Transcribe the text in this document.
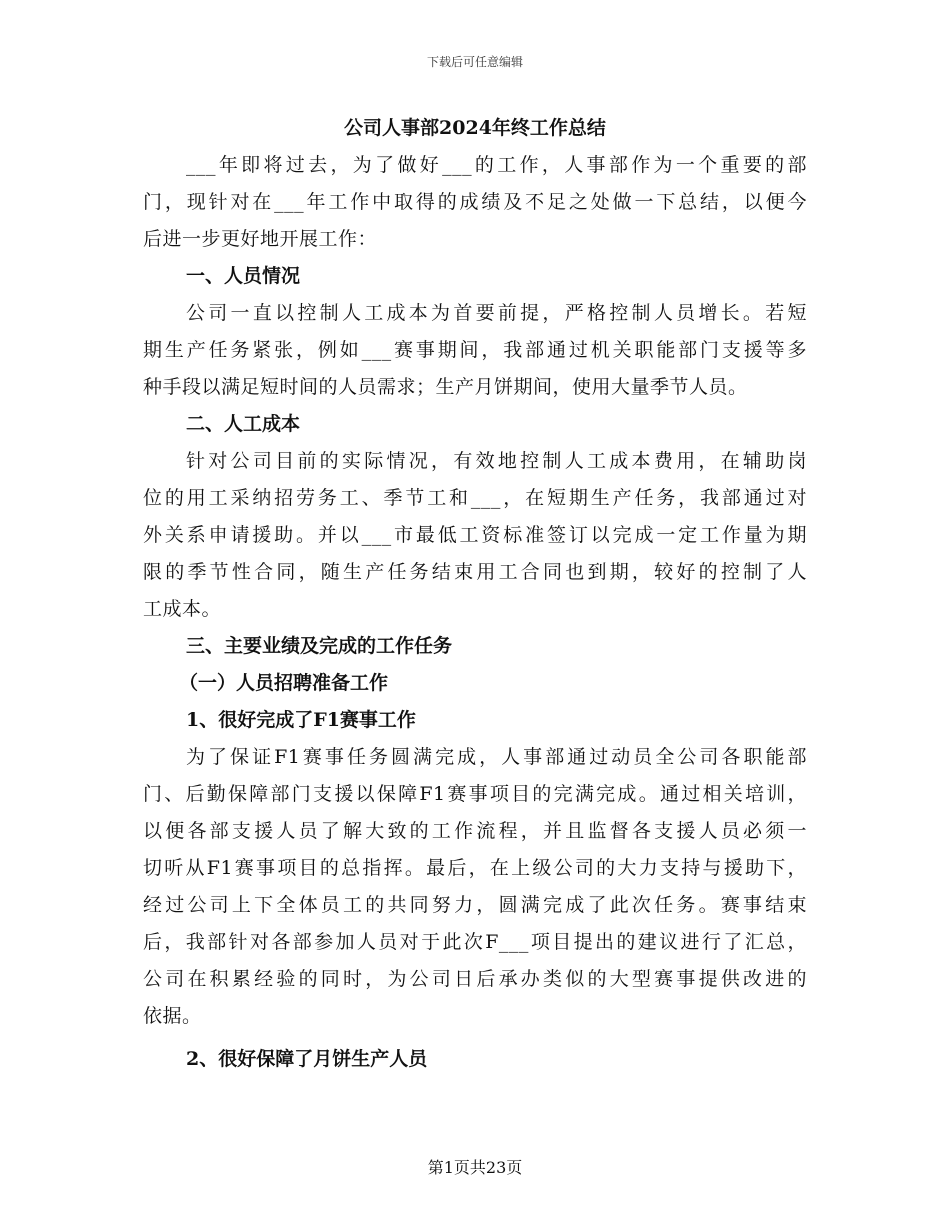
下载后可任意编辑
公司人事部2024年终工作总结
___年即将过去，为了做好___的工作，人事部作为一个重要的部
门，现针对在___年工作中取得的成绩及不足之处做一下总结，以便今
后进一步更好地开展工作：
一、人员情况
公司一直以控制人工成本为首要前提，严格控制人员增长。若短
期生产任务紧张，例如___赛事期间，我部通过机关职能部门支援等多
种手段以满足短时间的人员需求；生产月饼期间，使用大量季节人员。
二、人工成本
针对公司目前的实际情况，有效地控制人工成本费用，在辅助岗
位的用工采纳招劳务工、季节工和___，在短期生产任务，我部通过对
外关系申请援助。并以___市最低工资标准签订以完成一定工作量为期
限的季节性合同，随生产任务结束用工合同也到期，较好的控制了人
工成本。
三、主要业绩及完成的工作任务
（一）人员招聘准备工作
1、很好完成了F1赛事工作
为了保证F1赛事任务圆满完成，人事部通过动员全公司各职能部
门、后勤保障部门支援以保障F1赛事项目的完满完成。通过相关培训，
以便各部支援人员了解大致的工作流程，并且监督各支援人员必须一
切听从F1赛事项目的总指挥。最后，在上级公司的大力支持与援助下，
经过公司上下全体员工的共同努力，圆满完成了此次任务。赛事结束
后，我部针对各部参加人员对于此次F___项目提出的建议进行了汇总，
公司在积累经验的同时，为公司日后承办类似的大型赛事提供改进的
依据。
2、很好保障了月饼生产人员
第1页共23页
